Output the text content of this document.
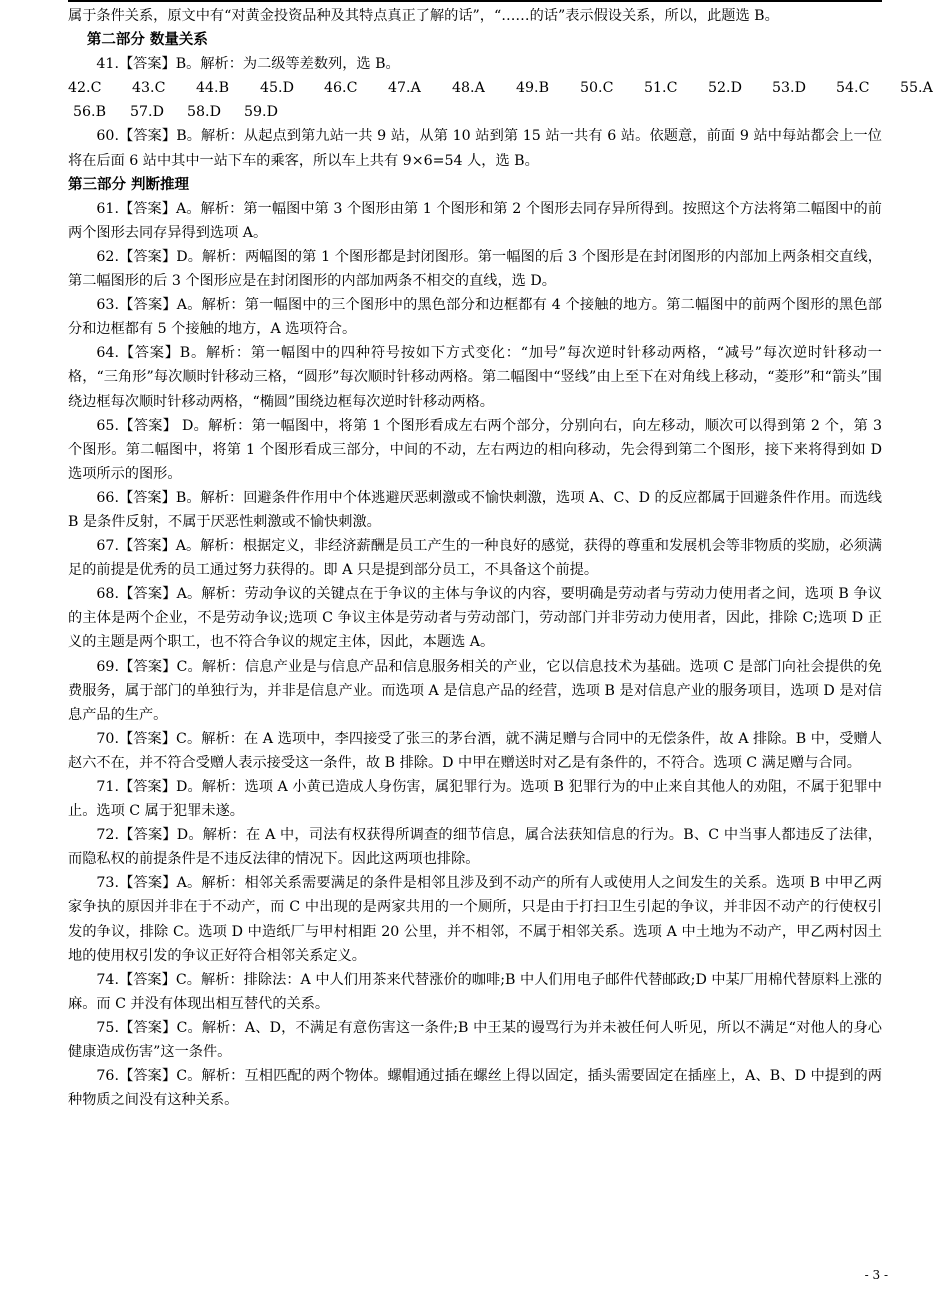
属于条件关系，原文中有“对黄金投资品种及其特点真正了解的话”，“……的话”表示假设关系，所以，此题选 B。

第二部分 数量关系

41.【答案】B。解析：为二级等差数列，选 B。

42.C 43.C 44.B 45.D 46.C 47.A 48.A 49.B 50.C 51.C 52.D 53.D 54.C 55.A

56.B 57.D 58.D 59.D

60.【答案】B。解析：从起点到第九站一共 9 站，从第 10 站到第 15 站一共有 6 站。依题意，前面 9 站中每站都会上一位将在后面 6 站中其中一站下车的乘客，所以车上共有 9×6=54 人，选 B。

第三部分 判断推理

61.【答案】A。解析：第一幅图中第 3 个图形由第 1 个图形和第 2 个图形去同存异所得到。按照这个方法将第二幅图中的前两个图形去同存异得到选项 A。

62.【答案】D。解析：两幅图的第 1 个图形都是封闭图形。第一幅图的后 3 个图形是在封闭图形的内部加上两条相交直线，第二幅图形的后 3 个图形应是在封闭图形的内部加两条不相交的直线，选 D。

63.【答案】A。解析：第一幅图中的三个图形中的黑色部分和边框都有 4 个接触的地方。第二幅图中的前两个图形的黑色部分和边框都有 5 个接触的地方，A 选项符合。

64.【答案】B。解析：第一幅图中的四种符号按如下方式变化：“加号”每次逆时针移动两格，“减号”每次逆时针移动一格，“三角形”每次顺时针移动三格，“圆形”每次顺时针移动两格。第二幅图中“竖线”由上至下在对角线上移动，“菱形”和“箭头”围绕边框每次顺时针移动两格，“椭圆”围绕边框每次逆时针移动两格。

65.【答案】 D。解析：第一幅图中，将第 1 个图形看成左右两个部分，分别向右，向左移动，顺次可以得到第 2 个，第 3 个图形。第二幅图中，将第 1 个图形看成三部分，中间的不动，左右两边的相向移动，先会得到第二个图形，接下来将得到如 D 选项所示的图形。

66.【答案】B。解析：回避条件作用中个体逃避厌恶刺激或不愉快刺激，选项 A、C、D 的反应都属于回避条件作用。而选线 B 是条件反射，不属于厌恶性刺激或不愉快刺激。

67.【答案】A。解析：根据定义，非经济薪酬是员工产生的一种良好的感觉，获得的尊重和发展机会等非物质的奖励，必须满足的前提是优秀的员工通过努力获得的。即 A 只是提到部分员工，不具备这个前提。

68.【答案】A。解析：劳动争议的关键点在于争议的主体与争议的内容，要明确是劳动者与劳动力使用者之间，选项 B 争议的主体是两个企业，不是劳动争议;选项 C 争议主体是劳动者与劳动部门，劳动部门并非劳动力使用者，因此，排除 C;选项 D 正义的主题是两个职工，也不符合争议的规定主体，因此，本题选 A。

69.【答案】C。解析：信息产业是与信息产品和信息服务相关的产业，它以信息技术为基础。选项 C 是部门向社会提供的免费服务，属于部门的单独行为，并非是信息产业。而选项 A 是信息产品的经营，选项 B 是对信息产业的服务项目，选项 D 是对信息产品的生产。

70.【答案】C。解析：在 A 选项中，李四接受了张三的茅台酒，就不满足赠与合同中的无偿条件，故 A 排除。B 中，受赠人赵六不在，并不符合受赠人表示接受这一条件，故 B 排除。D 中甲在赠送时对乙是有条件的，不符合。选项 C 满足赠与合同。

71.【答案】D。解析：选项 A 小黄已造成人身伤害，属犯罪行为。选项 B 犯罪行为的中止来自其他人的劝阻，不属于犯罪中止。选项 C 属于犯罪未遂。

72.【答案】D。解析：在 A 中，司法有权获得所调查的细节信息，属合法获知信息的行为。B、C 中当事人都违反了法律，而隐私权的前提条件是不违反法律的情况下。因此这两项也排除。

73.【答案】A。解析：相邻关系需要满足的条件是相邻且涉及到不动产的所有人或使用人之间发生的关系。选项 B 中甲乙两家争执的原因并非在于不动产，而 C 中出现的是两家共用的一个厕所，只是由于打扫卫生引起的争议，并非因不动产的行使权引发的争议，排除 C。选项 D 中造纸厂与甲村相距 20 公里，并不相邻，不属于相邻关系。选项 A 中土地为不动产，甲乙两村因土地的使用权引发的争议正好符合相邻关系定义。

74.【答案】C。解析：排除法：A 中人们用茶来代替涨价的咖啡;B 中人们用电子邮件代替邮政;D 中某厂用棉代替原料上涨的麻。而 C 并没有体现出相互替代的关系。

75.【答案】C。解析：A、D，不满足有意伤害这一条件;B 中王某的谩骂行为并未被任何人听见，所以不满足“对他人的身心健康造成伤害”这一条件。

76.【答案】C。解析：互相匹配的两个物体。螺帽通过插在螺丝上得以固定，插头需要固定在插座上，A、B、D 中提到的两种物质之间没有这种关系。

- 3 -
